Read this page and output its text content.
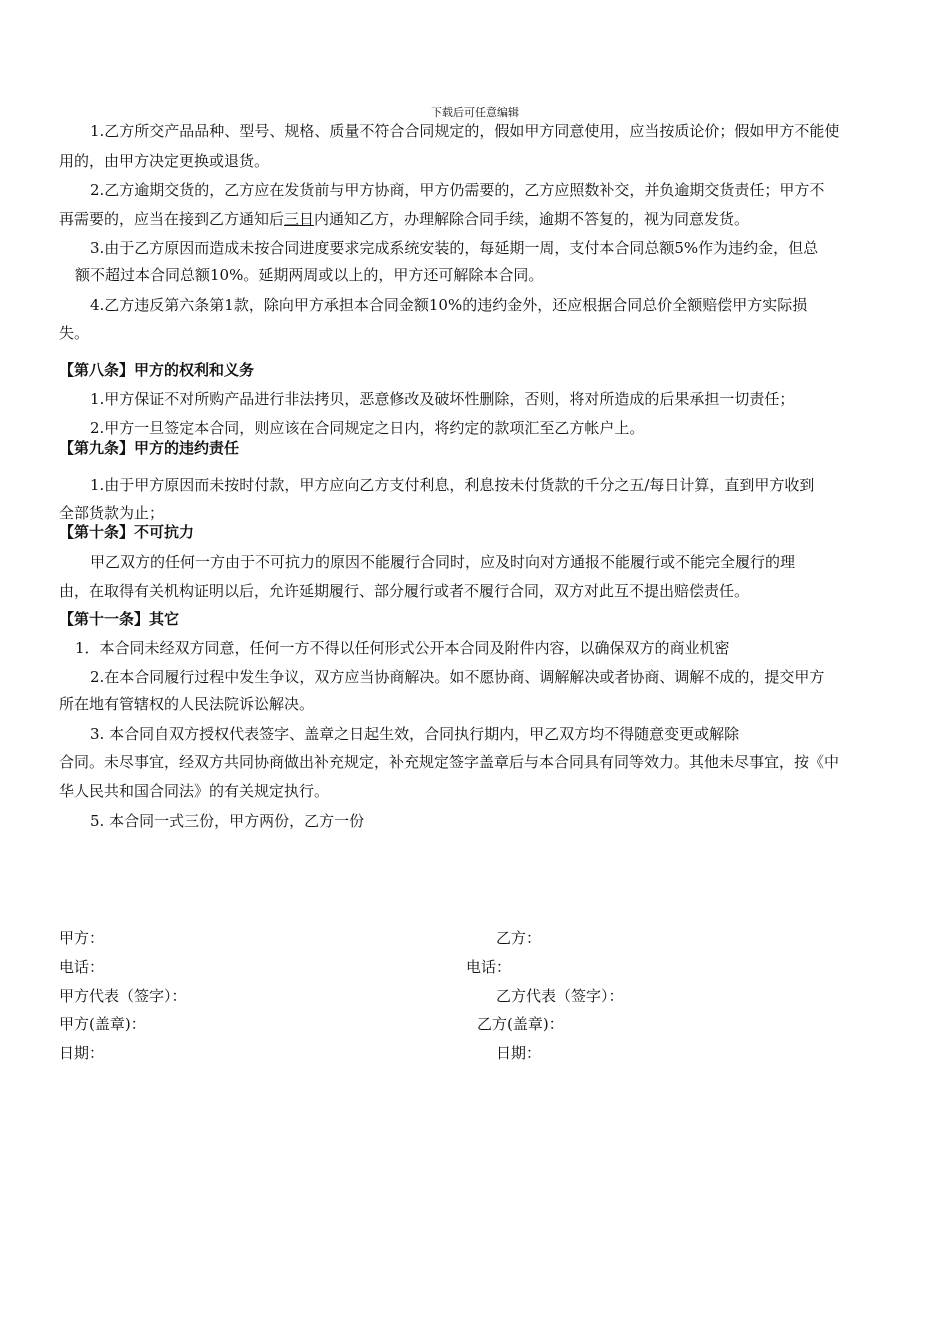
下载后可任意编辑
1.乙方所交产品品种、型号、规格、质量不符合合同规定的，假如甲方同意使用，应当按质论价；假如甲方不能使
用的，由甲方决定更换或退货。
2.乙方逾期交货的，乙方应在发货前与甲方协商，甲方仍需要的，乙方应照数补交，并负逾期交货责任；甲方不
再需要的，应当在接到乙方通知后三日内通知乙方，办理解除合同手续，逾期不答复的，视为同意发货。
3.由于乙方原因而造成未按合同进度要求完成系统安装的，每延期一周，支付本合同总额5%作为违约金，但总
额不超过本合同总额10%。延期两周或以上的，甲方还可解除本合同。
4.乙方违反第六条第1款，除向甲方承担本合同金额10%的违约金外，还应根据合同总价全额赔偿甲方实际损
失。
【第八条】甲方的权利和义务
1.甲方保证不对所购产品进行非法拷贝，恶意修改及破坏性删除，否则，将对所造成的后果承担一切责任；
2.甲方一旦签定本合同，则应该在合同规定之日内，将约定的款项汇至乙方帐户上。
【第九条】甲方的违约责任
1.由于甲方原因而未按时付款，甲方应向乙方支付利息，利息按未付货款的千分之五/每日计算，直到甲方收到
全部货款为止；
【第十条】不可抗力
甲乙双方的任何一方由于不可抗力的原因不能履行合同时，应及时向对方通报不能履行或不能完全履行的理
由，在取得有关机构证明以后，允许延期履行、部分履行或者不履行合同，双方对此互不提出赔偿责任。
【第十一条】其它
1．本合同未经双方同意，任何一方不得以任何形式公开本合同及附件内容，以确保双方的商业机密
2.在本合同履行过程中发生争议，双方应当协商解决。如不愿协商、调解解决或者协商、调解不成的，提交甲方
所在地有管辖权的人民法院诉讼解决。
3. 本合同自双方授权代表签字、盖章之日起生效，合同执行期内，甲乙双方均不得随意变更或解除
合同。未尽事宜，经双方共同协商做出补充规定，补充规定签字盖章后与本合同具有同等效力。其他未尽事宜，按《中
华人民共和国合同法》的有关规定执行。
5. 本合同一式三份，甲方两份，乙方一份
甲方：	乙方：
电话：	电话：
甲方代表（签字）：	乙方代表（签字）：
甲方(盖章)：	乙方(盖章)：
日期：	日期：
